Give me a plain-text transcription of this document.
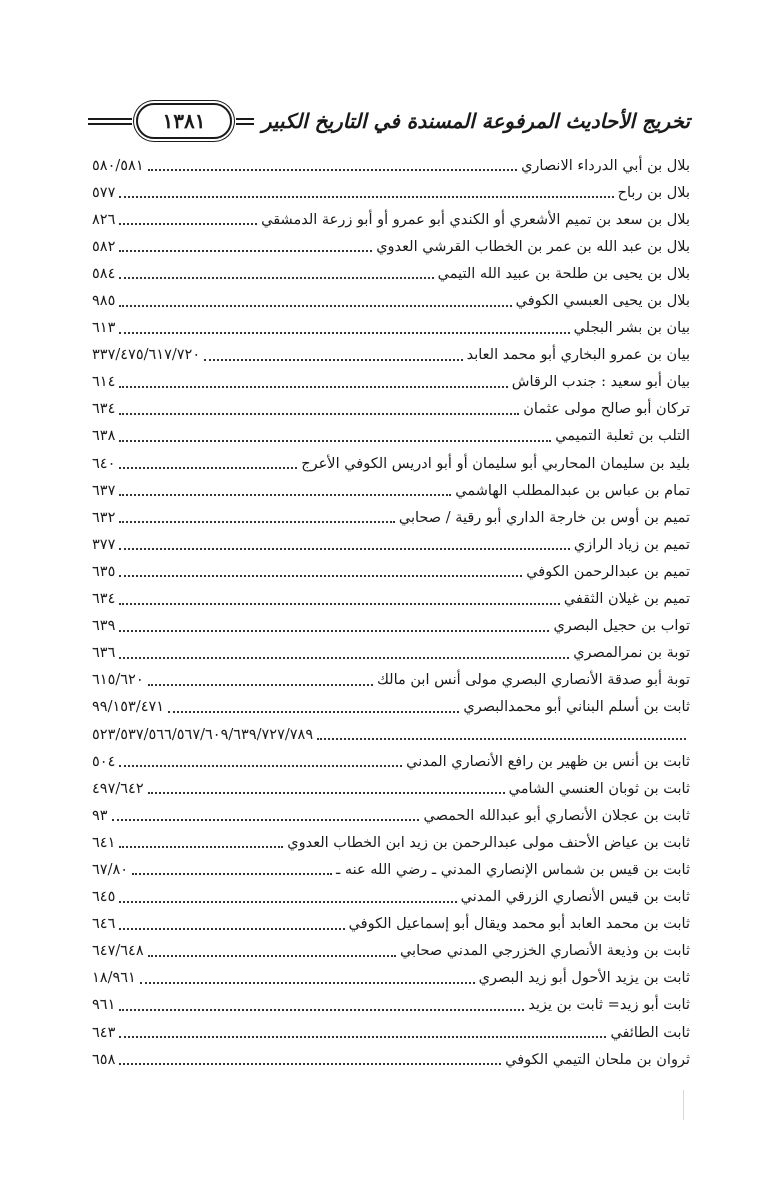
تخريج الأحاديث المرفوعة المسندة في التاريخ الكبير
١٣٨١
بلال بن أبي الدرداء الانصاري
٥٨٠/٥٨١
بلال بن رباح
٥٧٧
بلال بن سعد بن تميم الأشعري أو الكندي أبو عمرو أو أبو زرعة الدمشقي
٨٢٦
بلال بن عبد الله بن عمر بن الخطاب القرشي العدوي
٥٨٢
بلال بن يحيى بن طلحة بن عبيد الله التيمي
٥٨٤
بلال بن يحيى العبسي الكوفي
٩٨٥
بيان بن بشر البجلي
٦١٣
بيان بن عمرو البخاري أبو محمد العابد
٣٣٧/٤٧٥/٦١٧/٧٢٠
بيان أبو سعيد : جندب الرقاش
٦١٤
تركان أبو صالح مولى عثمان
٦٣٤
التلب بن ثعلبة التميمي
٦٣٨
بليد بن سليمان المحاربي أبو سليمان أو أبو ادريس الكوفي الأعرج
٦٤٠
تمام بن عباس بن عبدالمطلب الهاشمي
٦٣٧
تميم بن أوس بن خارجة الداري أبو رقية / صحابي
٦٣٢
تميم بن زياد الرازي
٣٧٧
تميم بن عبدالرحمن الكوفي
٦٣٥
تميم بن غيلان الثقفي
٦٣٤
تواب بن حجيل البصري
٦٣٩
توبة بن نمرالمصري
٦٣٦
توبة أبو صدقة الأنصاري البصري مولى أنس ابن مالك
٦١٥/٦٢٠
ثابت بن أسلم البناني أبو محمدالبصري
٩٩/١٥٣/٤٧١
٥٢٣/٥٣٧/٥٦٦/٥٦٧/٦٠٩/٦٣٩/٧٢٧/٧٨٩
ثابت بن أنس بن ظهير بن رافع الأنصاري المدني
٥٠٤
ثابت بن ثوبان العنسي الشامي
٤٩٧/٦٤٢
ثابت بن عجلان الأنصاري أبو عبدالله الحمصي
٩٣
ثابت بن عياض الأحنف مولى عبدالرحمن بن زيد ابن الخطاب العدوي
٦٤١
ثابت بن قيس بن شماس الإنصاري المدني ـ رضي الله عنه ـ
٦٧/٨٠
ثابت بن قيس الأنصاري الزرقي المدني
٦٤٥
ثابت بن محمد العابد أبو محمد ويقال أبو إسماعيل الكوفي
٦٤٦
ثابت بن وذيعة الأنصاري الخزرجي المدني صحابي
٦٤٧/٦٤٨
ثابت بن يزيد الأحول أبو زيد البصري
١٨/٩٦١
ثابت أبو زيد= ثابت بن يزيد
٩٦١
ثابت الطائفي
٦٤٣
ثروان بن ملحان التيمي الكوفي
٦٥٨
